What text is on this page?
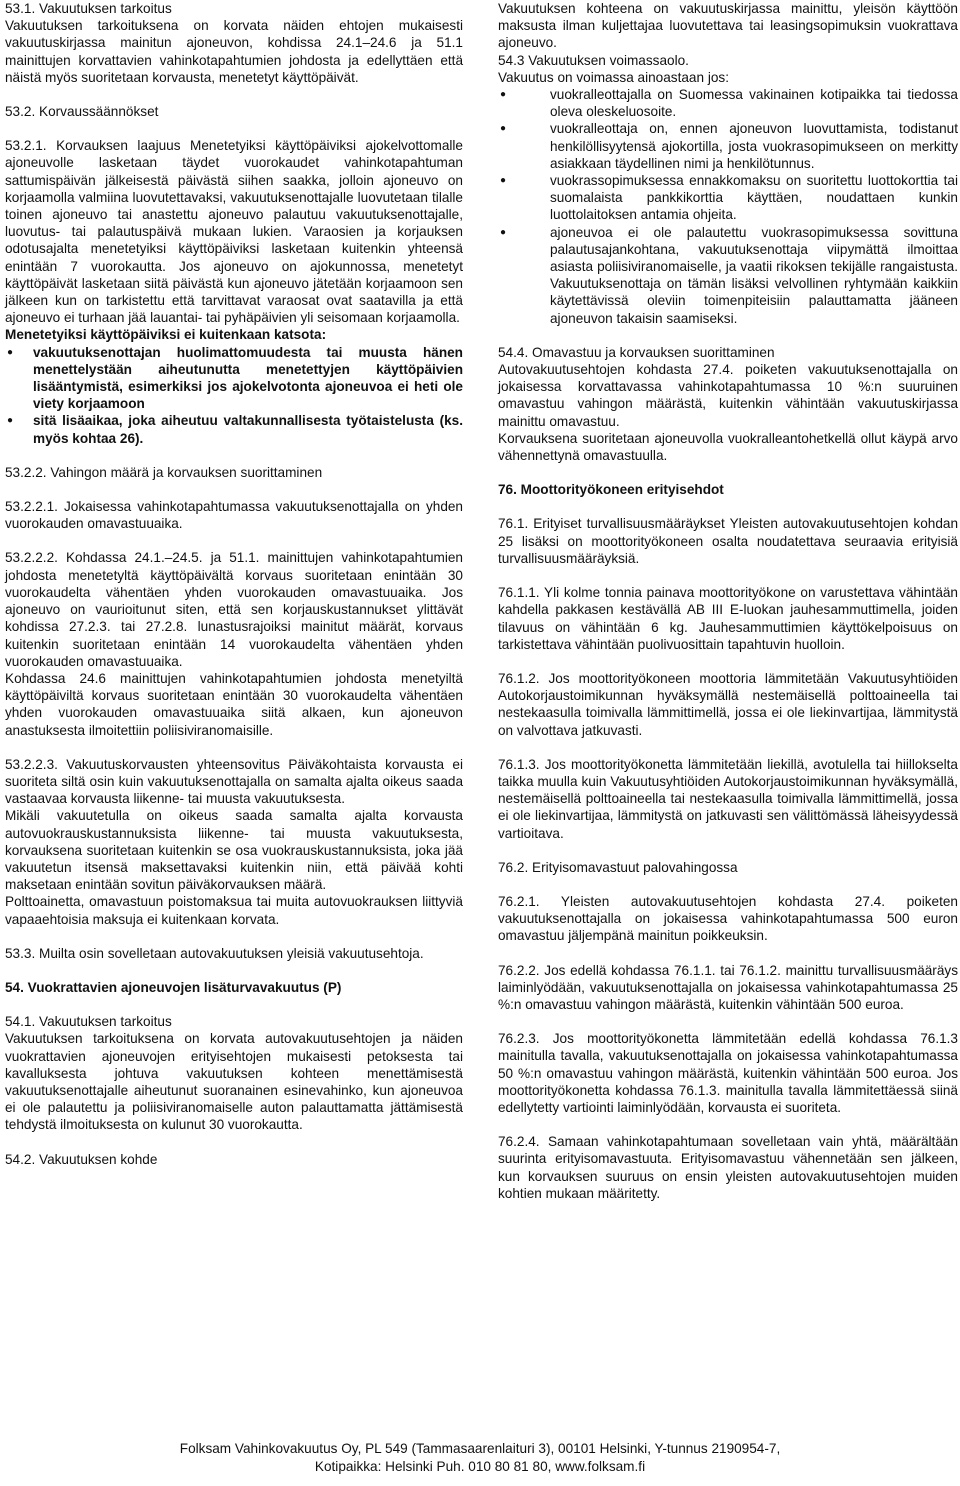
53.1. Vakuutuksen tarkoitus

Vakuutuksen tarkoituksena on korvata näiden ehtojen mukaisesti vakuutuskirjassa mainitun ajoneuvon, kohdissa 24.1–24.6 ja 51.1 mainittujen korvattavien vahinkotapahtumien johdosta ja edellyttäen että näistä myös suoritetaan korvausta, menetetyt käyttöpäivät.

53.2. Korvaussäännökset

53.2.1. Korvauksen laajuus Menetetyiksi käyttöpäiviksi ajokelvottomalle ajoneuvolle lasketaan täydet vuorokaudet vahinkotapahtuman sattumispäivän jälkeisestä päivästä siihen saakka, jolloin ajoneuvo on korjaamolla valmiina luovutettavaksi, vakuutuksenottajalle luovutetaan tilalle toinen ajoneuvo tai anastettu ajoneuvo palautuu vakuutuksenottajalle, luovutus- tai palautuspäivä mukaan lukien. Varaosien ja korjauksen odotusajalta menetetyiksi käyttöpäiviksi lasketaan kuitenkin yhteensä enintään 7 vuorokautta. Jos ajoneuvo on ajokunnossa, menetetyt käyttöpäivät lasketaan siitä päivästä kun ajoneuvo jätetään korjaamoon sen jälkeen kun on tarkistettu että tarvittavat varaosat ovat saatavilla ja että ajoneuvo ei turhaan jää lauantai- tai pyhäpäivien yli seisomaan korjaamolla.

Menetetyiksi käyttöpäiviksi ei kuitenkaan katsota:

● vakuutuksenottajan huolimattomuudesta tai muusta hänen menettelystään aiheutunutta menetettyjen käyttöpäivien lisääntymistä, esimerkiksi jos ajokelvotonta ajoneuvoa ei heti ole viety korjaamoon
● sitä lisäaikaa, joka aiheutuu valtakunnallisesta työtaistelusta (ks. myös kohtaa 26).

53.2.2. Vahingon määrä ja korvauksen suorittaminen

53.2.2.1. Jokaisessa vahinkotapahtumassa vakuutuksenottajalla on yhden vuorokauden omavastuuaika.

53.2.2.2. Kohdassa 24.1.–24.5. ja 51.1. mainittujen vahinkotapahtumien johdosta menetetyltä käyttöpäivältä korvaus suoritetaan enintään 30 vuorokaudelta vähentäen yhden vuorokauden omavastuuaika. Jos ajoneuvo on vaurioitunut siten, että sen korjauskustannukset ylittävät kohdissa 27.2.3. tai 27.2.8. lunastusrajoiksi mainitut määrät, korvaus kuitenkin suoritetaan enintään 14 vuorokaudelta vähentäen yhden vuorokauden omavastuuaika.

Kohdassa 24.6 mainittujen vahinkotapahtumien johdosta menetyiltä käyttöpäiviltä korvaus suoritetaan enintään 30 vuorokaudelta vähentäen yhden vuorokauden omavastuuaika siitä alkaen, kun ajoneuvon anastuksesta ilmoitettiin poliisiviranomaisille.

53.2.2.3. Vakuutuskorvausten yhteensovitus Päiväkohtaista korvausta ei suoriteta siltä osin kuin vakuutuksenottajalla on samalta ajalta oikeus saada vastaavaa korvausta liikenne- tai muusta vakuutuksesta.

Mikäli vakuutetulla on oikeus saada samalta ajalta korvausta autovuokrauskustannuksista liikenne- tai muusta vakuutuksesta, korvauksena suoritetaan kuitenkin se osa vuokrauskustannuksista, joka jää vakuutetun itsensä maksettavaksi kuitenkin niin, että päivää kohti maksetaan enintään sovitun päiväkorvauksen määrä.

Polttoainetta, omavastuun poistomaksua tai muita autovuokrauksen liittyviä vapaaehtoisia maksuja ei kuitenkaan korvata.

53.3. Muilta osin sovelletaan autovakuutuksen yleisiä vakuutusehtoja.

54. Vuokrattavien ajoneuvojen lisäturvavakuutus (P)

54.1. Vakuutuksen tarkoitus

Vakuutuksen tarkoituksena on korvata autovakuutusehtojen ja näiden vuokrattavien ajoneuvojen erityisehtojen mukaisesti petoksesta tai kavalluksesta johtuva vakuutuksen kohteen menettämisestä vakuutuksenottajalle aiheutunut suoranainen esinevahinko, kun ajoneuvoa ei ole palautettu ja poliisiviranomaiselle auton palauttamatta jättämisestä tehdystä ilmoituksesta on kulunut 30 vuorokautta.

54.2. Vakuutuksen kohde

Vakuutuksen kohteena on vakuutuskirjassa mainittu, yleisön käyttöön maksusta ilman kuljettajaa luovutettava tai leasingsopimuksin vuokrattava ajoneuvo.

54.3 Vakuutuksen voimassaolo.

Vakuutus on voimassa ainoastaan jos:

● vuokralleottajalla on Suomessa vakinainen kotipaikka tai tiedossa oleva oleskeluosoite.
● vuokralleottaja on, ennen ajoneuvon luovuttamista, todistanut henkilöllisyytensä ajokortilla, josta vuokrasopimukseen on merkitty asiakkaan täydellinen nimi ja henkilötunnus.
● vuokrassopimuksessa ennakkomaksu on suoritettu luottokorttia tai suomalaista pankkikorttia käyttäen, noudattaen kunkin luottolaitoksen antamia ohjeita.
● ajoneuvoa ei ole palautettu vuokrasopimuksessa sovittuna palautusajankohtana, vakuutuksenottaja viipymättä ilmoittaa asiasta poliisiviranomaiselle, ja vaatii rikoksen tekijälle rangaistusta. Vakuutuksenottaja on tämän lisäksi velvollinen ryhtymään kaikkiin käytettävissä oleviin toimenpiteisiin palauttamatta jääneen ajoneuvon takaisin saamiseksi.

54.4. Omavastuu ja korvauksen suorittaminen

Autovakuutusehtojen kohdasta 27.4. poiketen vakuutuksenottajalla on jokaisessa korvattavassa vahinkotapahtumassa 10 %:n suuruinen omavastuu vahingon määrästä, kuitenkin vähintään vakuutuskirjassa mainittu omavastuu.

Korvauksena suoritetaan ajoneuvolla vuokralleantohetkellä ollut käypä arvo vähennettynä omavastuulla.

76. Moottorityökoneen erityisehdot

76.1. Erityiset turvallisuusmääräykset Yleisten autovakuutusehtojen kohdan 25 lisäksi on moottorityökoneen osalta noudatettava seuraavia erityisiä turvallisuusmääräyksiä.

76.1.1. Yli kolme tonnia painava moottorityökone on varustettava vähintään kahdella pakkasen kestävällä AB III E-luokan jauhesammuttimella, joiden tilavuus on vähintään 6 kg. Jauhesammuttimien käyttökelpoisuus on tarkistettava vähintään puolivuosittain tapahtuvin huolloin.

76.1.2. Jos moottorityökoneen moottoria lämmitetään Vakuutusyhtiöiden Autokorjaustoimikunnan hyväksymällä nestemäisellä polttoaineella tai nestekaasulla toimivalla lämmittimellä, jossa ei ole liekinvartijaa, lämmitystä on valvottava jatkuvasti.

76.1.3. Jos moottorityökonetta lämmitetään liekillä, avotulella tai hiillokselta taikka muulla kuin Vakuutusyhtiöiden Autokorjaustoimikunnan hyväksymällä, nestemäisellä polttoaineella tai nestekaasulla toimivalla lämmittimellä, jossa ei ole liekinvartijaa, lämmitystä on jatkuvasti sen välittömässä läheisyydessä vartioitava.

76.2. Erityisomavastuut palovahingossa

76.2.1. Yleisten autovakuutusehtojen kohdasta 27.4. poiketen vakuutuksenottajalla on jokaisessa vahinkotapahtumassa 500 euron omavastuu jäljempänä mainitun poikkeuksin.

76.2.2. Jos edellä kohdassa 76.1.1. tai 76.1.2. mainittu turvallisuusmääräys laiminlyödään, vakuutuksenottajalla on jokaisessa vahinkotapahtumassa 25 %:n omavastuu vahingon määrästä, kuitenkin vähintään 500 euroa.

76.2.3. Jos moottorityökonetta lämmitetään edellä kohdassa 76.1.3 mainitulla tavalla, vakuutuksenottajalla on jokaisessa vahinkotapahtumassa 50 %:n omavastuu vahingon määrästä, kuitenkin vähintään 500 euroa. Jos moottorityökonetta kohdassa 76.1.3. mainitulla tavalla lämmitettäessä siinä edellytetty vartiointi laiminlyödään, korvausta ei suoriteta.

76.2.4. Samaan vahinkotapahtumaan sovelletaan vain yhtä, määrältään suurinta erityisomavastuuta. Erityisomavastuu vähennetään sen jälkeen, kun korvauksen suuruus on ensin yleisten autovakuutusehtojen muiden kohtien mukaan määritetty.

Folksam Vahinkovakuutus Oy, PL 549 (Tammasaarenlaituri 3), 00101 Helsinki, Y-tunnus 2190954-7,
Kotipaikka: Helsinki Puh. 010 80 81 80, www.folksam.fi
